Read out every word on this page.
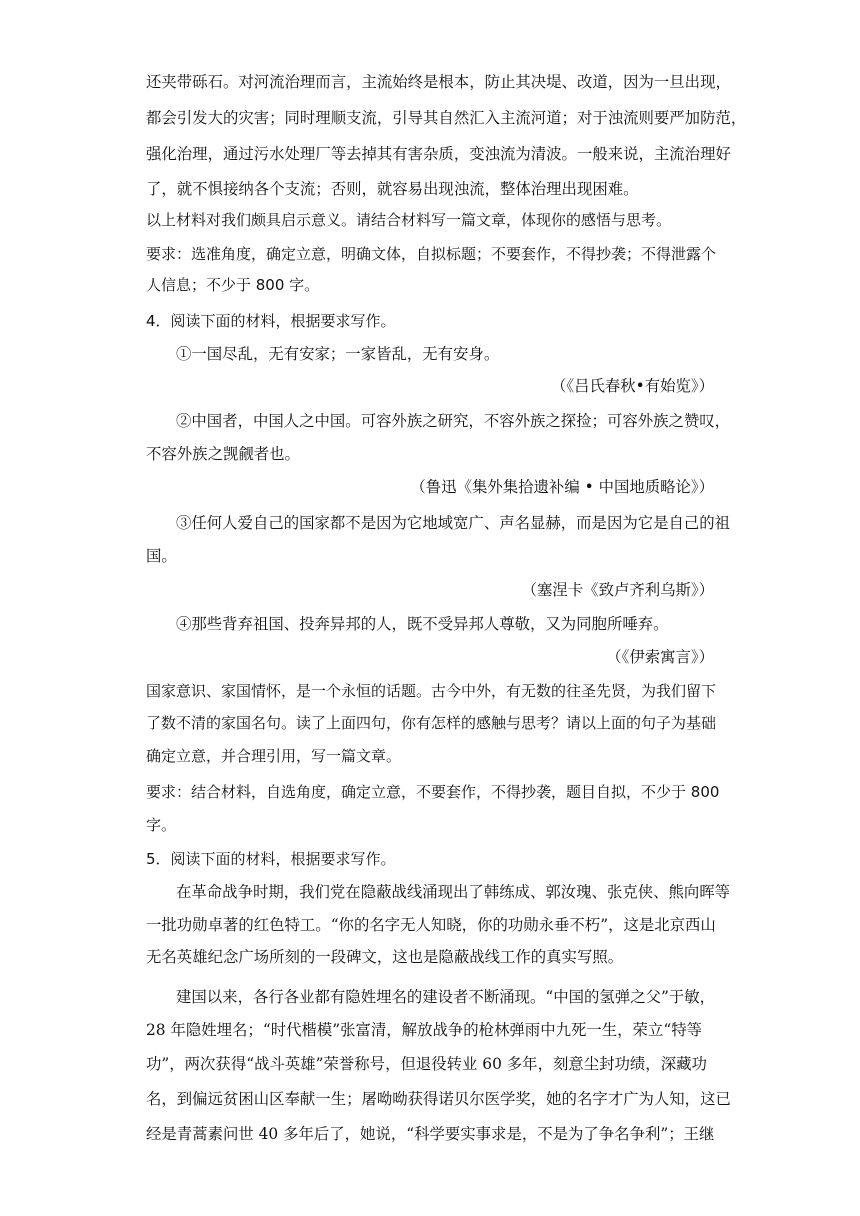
还夹带砾石。对河流治理而言，主流始终是根本，防止其决堤、改道，因为一旦出现，
都会引发大的灾害；同时理顺支流，引导其自然汇入主流河道；对于浊流则要严加防范，
强化治理，通过污水处理厂等去掉其有害杂质，变浊流为清波。一般来说，主流治理好
了，就不惧接纳各个支流；否则，就容易出现浊流，整体治理出现困难。
以上材料对我们颇具启示意义。请结合材料写一篇文章，体现你的感悟与思考。
要求：选准角度，确定立意，明确文体，自拟标题；不要套作，不得抄袭；不得泄露个
人信息；不少于 800 字。
4．阅读下面的材料，根据要求写作。
①一国尽乱，无有安家；一家皆乱，无有安身。
（《吕氏春秋•有始览》）
②中国者，中国人之中国。可容外族之研究，不容外族之探捡；可容外族之赞叹，
不容外族之觊觎者也。
（鲁迅《集外集拾遗补编 • 中国地质略论》）
③任何人爱自己的国家都不是因为它地域宽广、声名显赫，而是因为它是自己的祖
国。
（塞涅卡《致卢齐利乌斯》）
④那些背弃祖国、投奔异邦的人，既不受异邦人尊敬，又为同胞所唾弃。
（《伊索寓言》）
国家意识、家国情怀，是一个永恒的话题。古今中外，有无数的往圣先贤，为我们留下
了数不清的家国名句。读了上面四句，你有怎样的感触与思考？请以上面的句子为基础
确定立意，并合理引用，写一篇文章。
要求：结合材料，自选角度，确定立意，不要套作，不得抄袭，题目自拟，不少于 800
字。
5．阅读下面的材料，根据要求写作。
在革命战争时期，我们党在隐蔽战线涌现出了韩练成、郭汝瑰、张克侠、熊向晖等
一批功勋卓著的红色特工。“你的名字无人知晓，你的功勋永垂不朽”，这是北京西山
无名英雄纪念广场所刻的一段碑文，这也是隐蔽战线工作的真实写照。
建国以来，各行各业都有隐姓埋名的建设者不断涌现。“中国的氢弹之父”于敏，
28 年隐姓埋名；“时代楷模”张富清，解放战争的枪林弹雨中九死一生，荣立“特等
功”，两次获得“战斗英雄”荣誉称号，但退役转业 60 多年，刻意尘封功绩，深藏功
名，到偏远贫困山区奉献一生；屠呦呦获得诺贝尔医学奖，她的名字才广为人知，这已
经是青蒿素问世 40 多年后了，她说，“科学要实事求是，不是为了争名争利”；王继
